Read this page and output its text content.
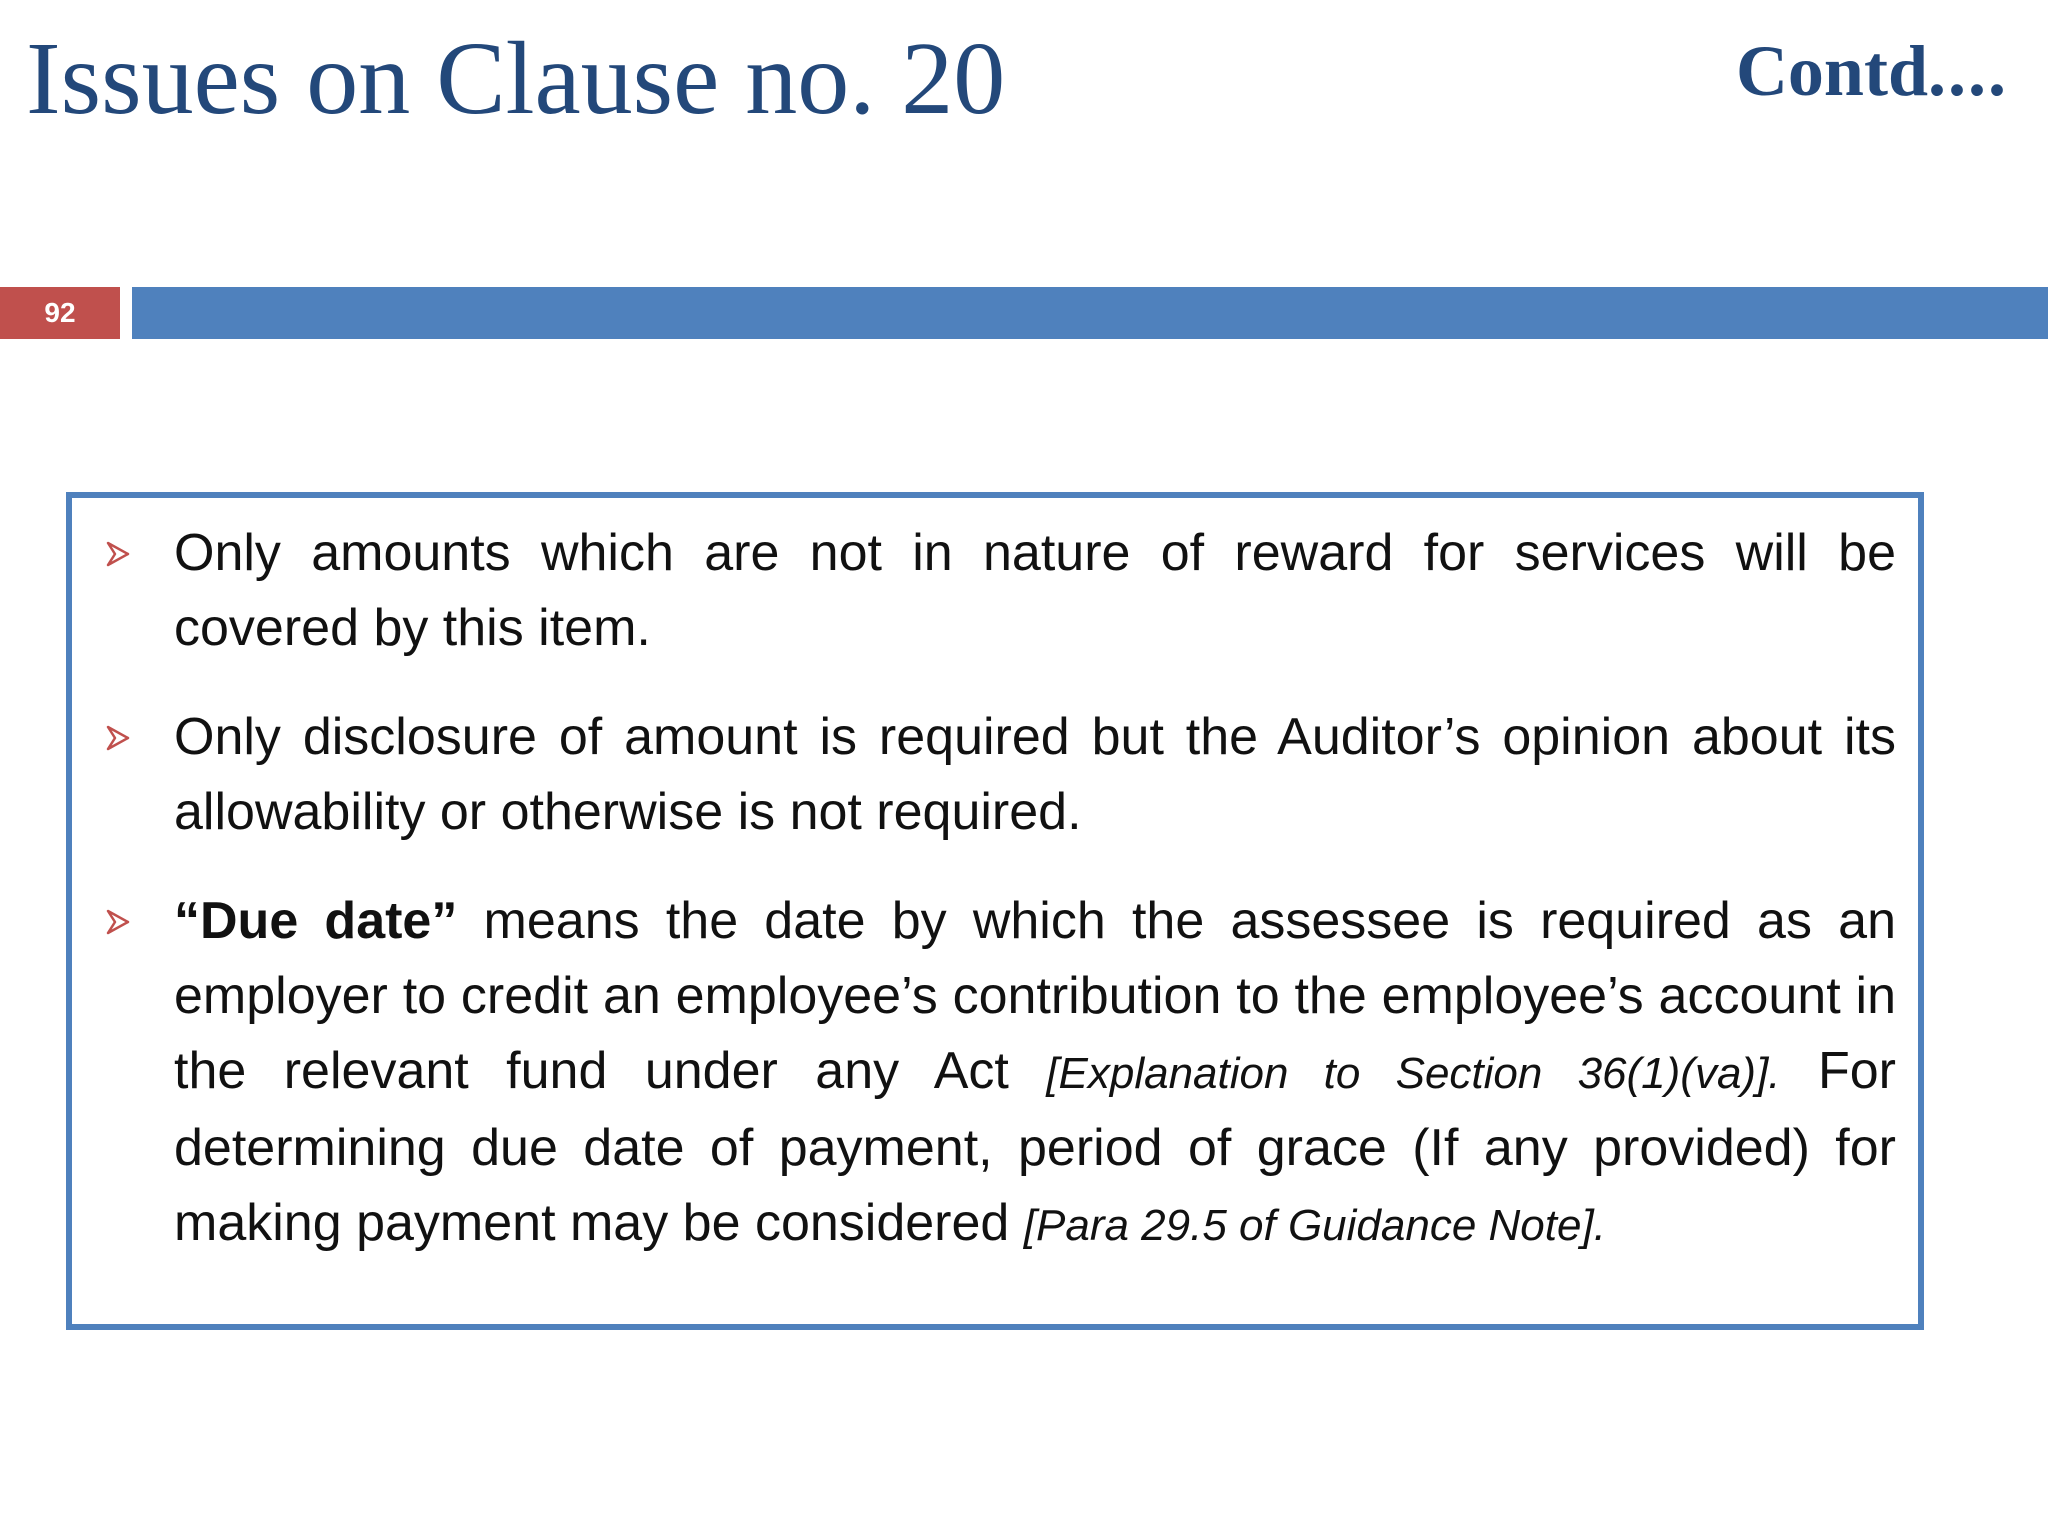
Issues on Clause no. 20	Contd....
92
Only amounts which are not in nature of reward for services will be covered by this item.
Only disclosure of amount is required but the Auditor’s opinion about its allowability or otherwise is not required.
“Due date” means the date by which the assessee is required as an employer to credit an employee’s contribution to the employee’s account in the relevant fund under any Act [Explanation to Section 36(1)(va)]. For determining due date of payment, period of grace (If any provided) for making payment may be considered [Para 29.5 of Guidance Note].
